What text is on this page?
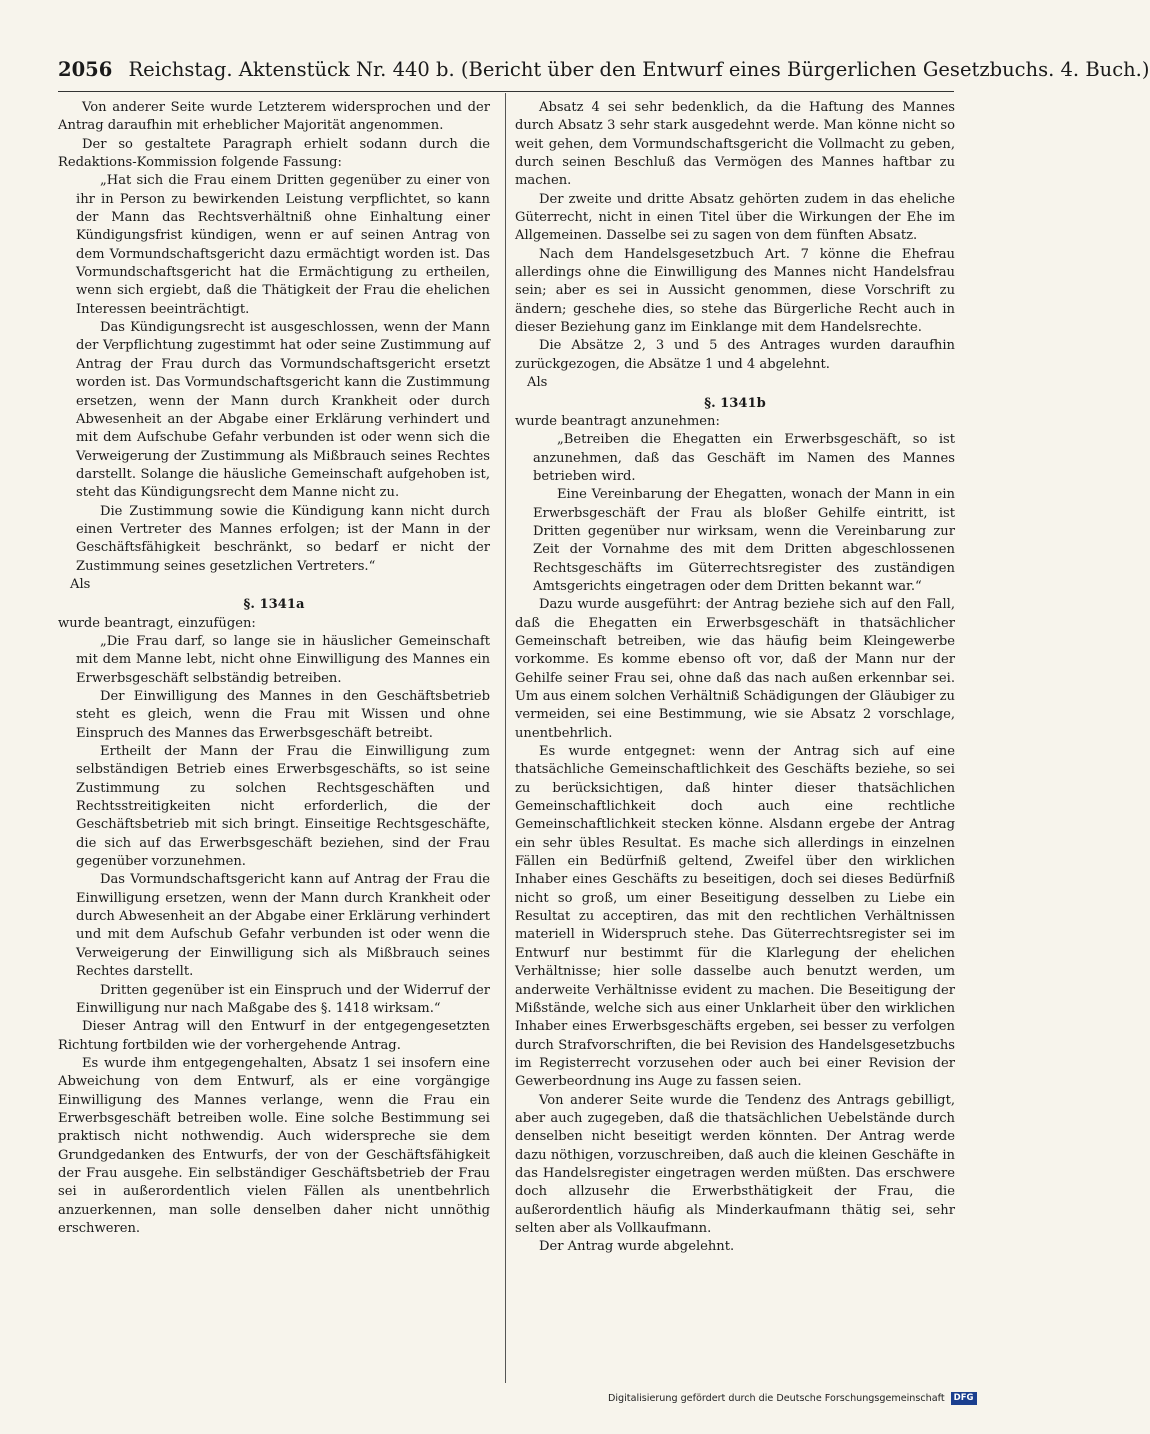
2056 Reichstag. Aktenstück Nr. 440 b. (Bericht über den Entwurf eines Bürgerlichen Gesetzbuchs. 4. Buch.)

Von anderer Seite wurde Letzterem widersprochen und der Antrag daraufhin mit erheblicher Majorität angenommen.

Der so gestaltete Paragraph erhielt sodann durch die Redaktions-Kommission folgende Fassung:

„Hat sich die Frau einem Dritten gegenüber zu einer von ihr in Person zu bewirkenden Leistung verpflichtet, so kann der Mann das Rechtsverhältniß ohne Einhaltung einer Kündigungsfrist kündigen, wenn er auf seinen Antrag von dem Vormundschaftsgericht dazu ermächtigt worden ist. Das Vormundschaftsgericht hat die Ermächtigung zu ertheilen, wenn sich ergiebt, daß die Thätigkeit der Frau die ehelichen Interessen beeinträchtigt.

Das Kündigungsrecht ist ausgeschlossen, wenn der Mann der Verpflichtung zugestimmt hat oder seine Zustimmung auf Antrag der Frau durch das Vormundschaftsgericht ersetzt worden ist. Das Vormundschaftsgericht kann die Zustimmung ersetzen, wenn der Mann durch Krankheit oder durch Abwesenheit an der Abgabe einer Erklärung verhindert und mit dem Aufschube Gefahr verbunden ist oder wenn sich die Verweigerung der Zustimmung als Mißbrauch seines Rechtes darstellt. Solange die häusliche Gemeinschaft aufgehoben ist, steht das Kündigungsrecht dem Manne nicht zu.

Die Zustimmung sowie die Kündigung kann nicht durch einen Vertreter des Mannes erfolgen; ist der Mann in der Geschäftsfähigkeit beschränkt, so bedarf er nicht der Zustimmung seines gesetzlichen Vertreters.“

Als

§. 1341a

wurde beantragt, einzufügen:

„Die Frau darf, so lange sie in häuslicher Gemeinschaft mit dem Manne lebt, nicht ohne Einwilligung des Mannes ein Erwerbsgeschäft selbständig betreiben.

Der Einwilligung des Mannes in den Geschäftsbetrieb steht es gleich, wenn die Frau mit Wissen und ohne Einspruch des Mannes das Erwerbsgeschäft betreibt.

Ertheilt der Mann der Frau die Einwilligung zum selbständigen Betrieb eines Erwerbsgeschäfts, so ist seine Zustimmung zu solchen Rechtsgeschäften und Rechtsstreitigkeiten nicht erforderlich, die der Geschäftsbetrieb mit sich bringt. Einseitige Rechtsgeschäfte, die sich auf das Erwerbsgeschäft beziehen, sind der Frau gegenüber vorzunehmen.

Das Vormundschaftsgericht kann auf Antrag der Frau die Einwilligung ersetzen, wenn der Mann durch Krankheit oder durch Abwesenheit an der Abgabe einer Erklärung verhindert und mit dem Aufschub Gefahr verbunden ist oder wenn die Verweigerung der Einwilligung sich als Mißbrauch seines Rechtes darstellt.

Dritten gegenüber ist ein Einspruch und der Widerruf der Einwilligung nur nach Maßgabe des §. 1418 wirksam.“

Dieser Antrag will den Entwurf in der entgegengesetzten Richtung fortbilden wie der vorhergehende Antrag.

Es wurde ihm entgegengehalten, Absatz 1 sei insofern eine Abweichung von dem Entwurf, als er eine vorgängige Einwilligung des Mannes verlange, wenn die Frau ein Erwerbsgeschäft betreiben wolle. Eine solche Bestimmung sei praktisch nicht nothwendig. Auch widerspreche sie dem Grundgedanken des Entwurfs, der von der Geschäftsfähigkeit der Frau ausgehe. Ein selbständiger Geschäftsbetrieb der Frau sei in außerordentlich vielen Fällen als unentbehrlich anzuerkennen, man solle denselben daher nicht unnöthig erschweren.

Absatz 4 sei sehr bedenklich, da die Haftung des Mannes durch Absatz 3 sehr stark ausgedehnt werde. Man könne nicht so weit gehen, dem Vormundschaftsgericht die Vollmacht zu geben, durch seinen Beschluß das Vermögen des Mannes haftbar zu machen.

Der zweite und dritte Absatz gehörten zudem in das eheliche Güterrecht, nicht in einen Titel über die Wirkungen der Ehe im Allgemeinen. Dasselbe sei zu sagen von dem fünften Absatz.

Nach dem Handelsgesetzbuch Art. 7 könne die Ehefrau allerdings ohne die Einwilligung des Mannes nicht Handelsfrau sein; aber es sei in Aussicht genommen, diese Vorschrift zu ändern; geschehe dies, so stehe das Bürgerliche Recht auch in dieser Beziehung ganz im Einklange mit dem Handelsrechte.

Die Absätze 2, 3 und 5 des Antrages wurden daraufhin zurückgezogen, die Absätze 1 und 4 abgelehnt.

Als

§. 1341b

wurde beantragt anzunehmen:

„Betreiben die Ehegatten ein Erwerbsgeschäft, so ist anzunehmen, daß das Geschäft im Namen des Mannes betrieben wird.

Eine Vereinbarung der Ehegatten, wonach der Mann in ein Erwerbsgeschäft der Frau als bloßer Gehilfe eintritt, ist Dritten gegenüber nur wirksam, wenn die Vereinbarung zur Zeit der Vornahme des mit dem Dritten abgeschlossenen Rechtsgeschäfts im Güterrechtsregister des zuständigen Amtsgerichts eingetragen oder dem Dritten bekannt war.“

Dazu wurde ausgeführt: der Antrag beziehe sich auf den Fall, daß die Ehegatten ein Erwerbsgeschäft in thatsächlicher Gemeinschaft betreiben, wie das häufig beim Kleingewerbe vorkomme. Es komme ebenso oft vor, daß der Mann nur der Gehilfe seiner Frau sei, ohne daß das nach außen erkennbar sei. Um aus einem solchen Verhältniß Schädigungen der Gläubiger zu vermeiden, sei eine Bestimmung, wie sie Absatz 2 vorschlage, unentbehrlich.

Es wurde entgegnet: wenn der Antrag sich auf eine thatsächliche Gemeinschaftlichkeit des Geschäfts beziehe, so sei zu berücksichtigen, daß hinter dieser thatsächlichen Gemeinschaftlichkeit doch auch eine rechtliche Gemeinschaftlichkeit stecken könne. Alsdann ergebe der Antrag ein sehr übles Resultat. Es mache sich allerdings in einzelnen Fällen ein Bedürfniß geltend, Zweifel über den wirklichen Inhaber eines Geschäfts zu beseitigen, doch sei dieses Bedürfniß nicht so groß, um einer Beseitigung desselben zu Liebe ein Resultat zu acceptiren, das mit den rechtlichen Verhältnissen materiell in Widerspruch stehe. Das Güterrechtsregister sei im Entwurf nur bestimmt für die Klarlegung der ehelichen Verhältnisse; hier solle dasselbe auch benutzt werden, um anderweite Verhältnisse evident zu machen. Die Beseitigung der Mißstände, welche sich aus einer Unklarheit über den wirklichen Inhaber eines Erwerbsgeschäfts ergeben, sei besser zu verfolgen durch Strafvorschriften, die bei Revision des Handelsgesetzbuchs im Registerrecht vorzusehen oder auch bei einer Revision der Gewerbeordnung ins Auge zu fassen seien.

Von anderer Seite wurde die Tendenz des Antrags gebilligt, aber auch zugegeben, daß die thatsächlichen Uebelstände durch denselben nicht beseitigt werden könnten. Der Antrag werde dazu nöthigen, vorzuschreiben, daß auch die kleinen Geschäfte in das Handelsregister eingetragen werden müßten. Das erschwere doch allzusehr die Erwerbsthätigkeit der Frau, die außerordentlich häufig als Minderkaufmann thätig sei, sehr selten aber als Vollkaufmann.

Der Antrag wurde abgelehnt.

Digitalisierung gefördert durch die Deutsche Forschungsgemeinschaft DFG
